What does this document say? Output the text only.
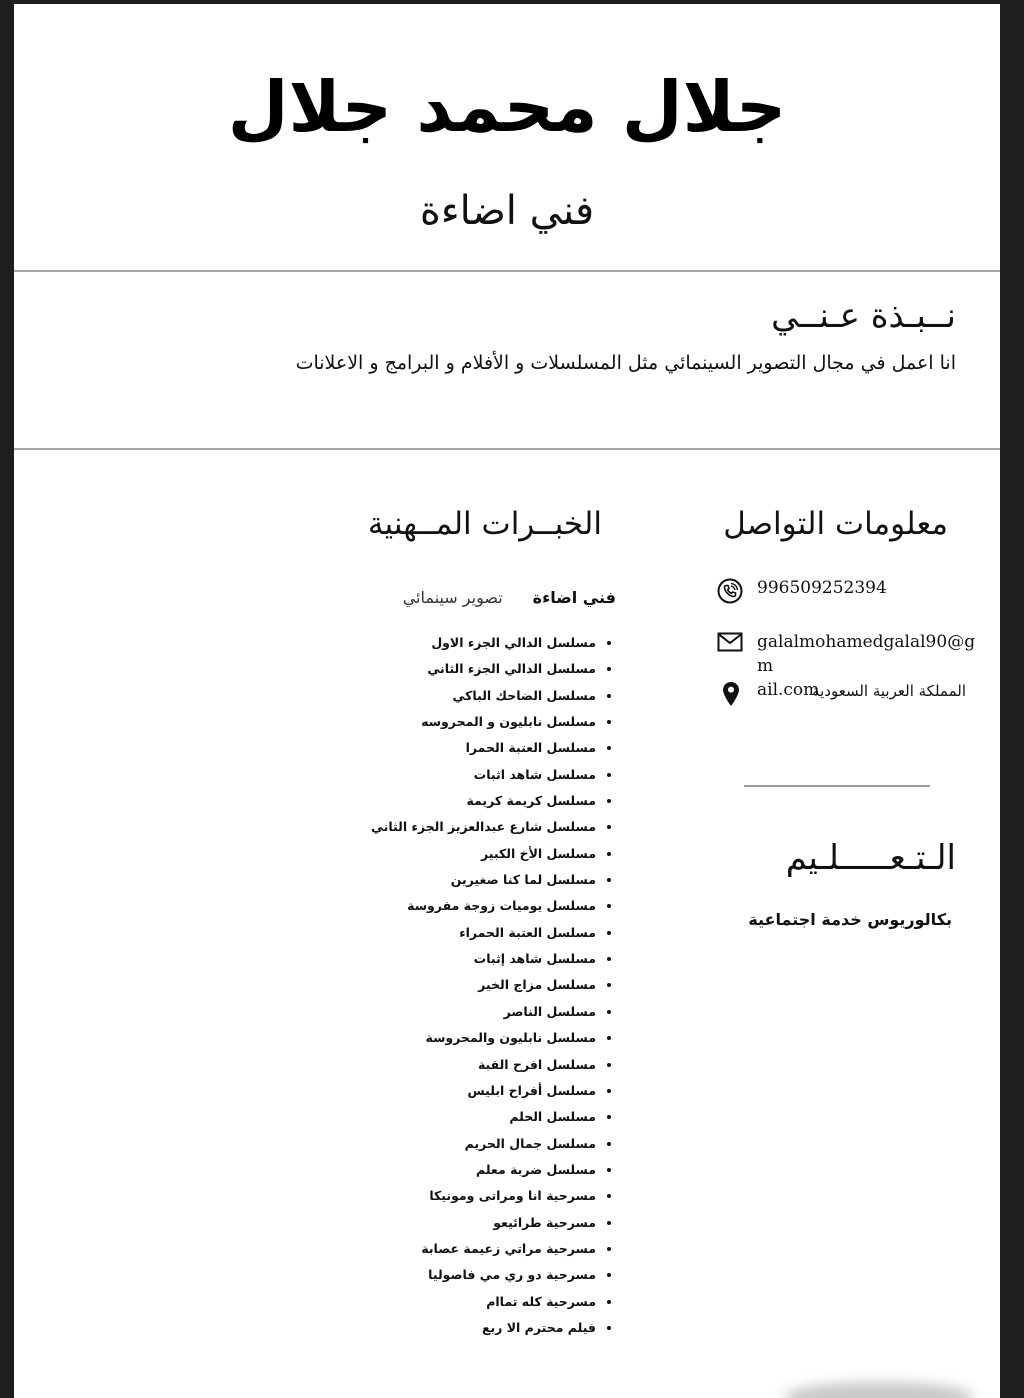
جلال محمد جلال
فني اضاءة
نــبـذة عـنــي
انا اعمل في مجال التصوير السينمائي مثل المسلسلات و الأفلام و البرامج و الاعلانات
الخبــرات المــهنية
فني اضاءةتصوير سينمائي
• مسلسل الدالي الجزء الاول
• مسلسل الدالي الجزء الثاني
• مسلسل الضاحك الباكي
• مسلسل نابليون و المحروسه
• مسلسل العتبة الحمرا
• مسلسل شاهد اثبات
• مسلسل كريمة كريمة
• مسلسل شارع عبدالعزيز الجزء الثاني
• مسلسل الأخ الكبير
• مسلسل لما كنا صغيرين
• مسلسل يوميات زوجة مفروسة
• مسلسل العتبة الحمراء
• مسلسل شاهد إثبات
• مسلسل مزاج الخير
• مسلسل الناصر
• مسلسل نابليون والمحروسة
• مسلسل افرح القبة
• مسلسل أفراح ابليس
• مسلسل الحلم
• مسلسل جمال الحريم
• مسلسل ضربة معلم
• مسرحية انا ومراتى ومونيكا
• مسرحية طرائيعو
• مسرحية مراتي زعيمة عصابة
• مسرحية دو ري مي فاصوليا
• مسرحية كله تماام
• فيلم محترم الا ربع
معلومات التواصل
996509252394
galalmohamedgalal90@gm
ail.com
المملكة العربية السعودية
الـتـعـــــلـيم
بكالوريوس خدمة اجتماعية
